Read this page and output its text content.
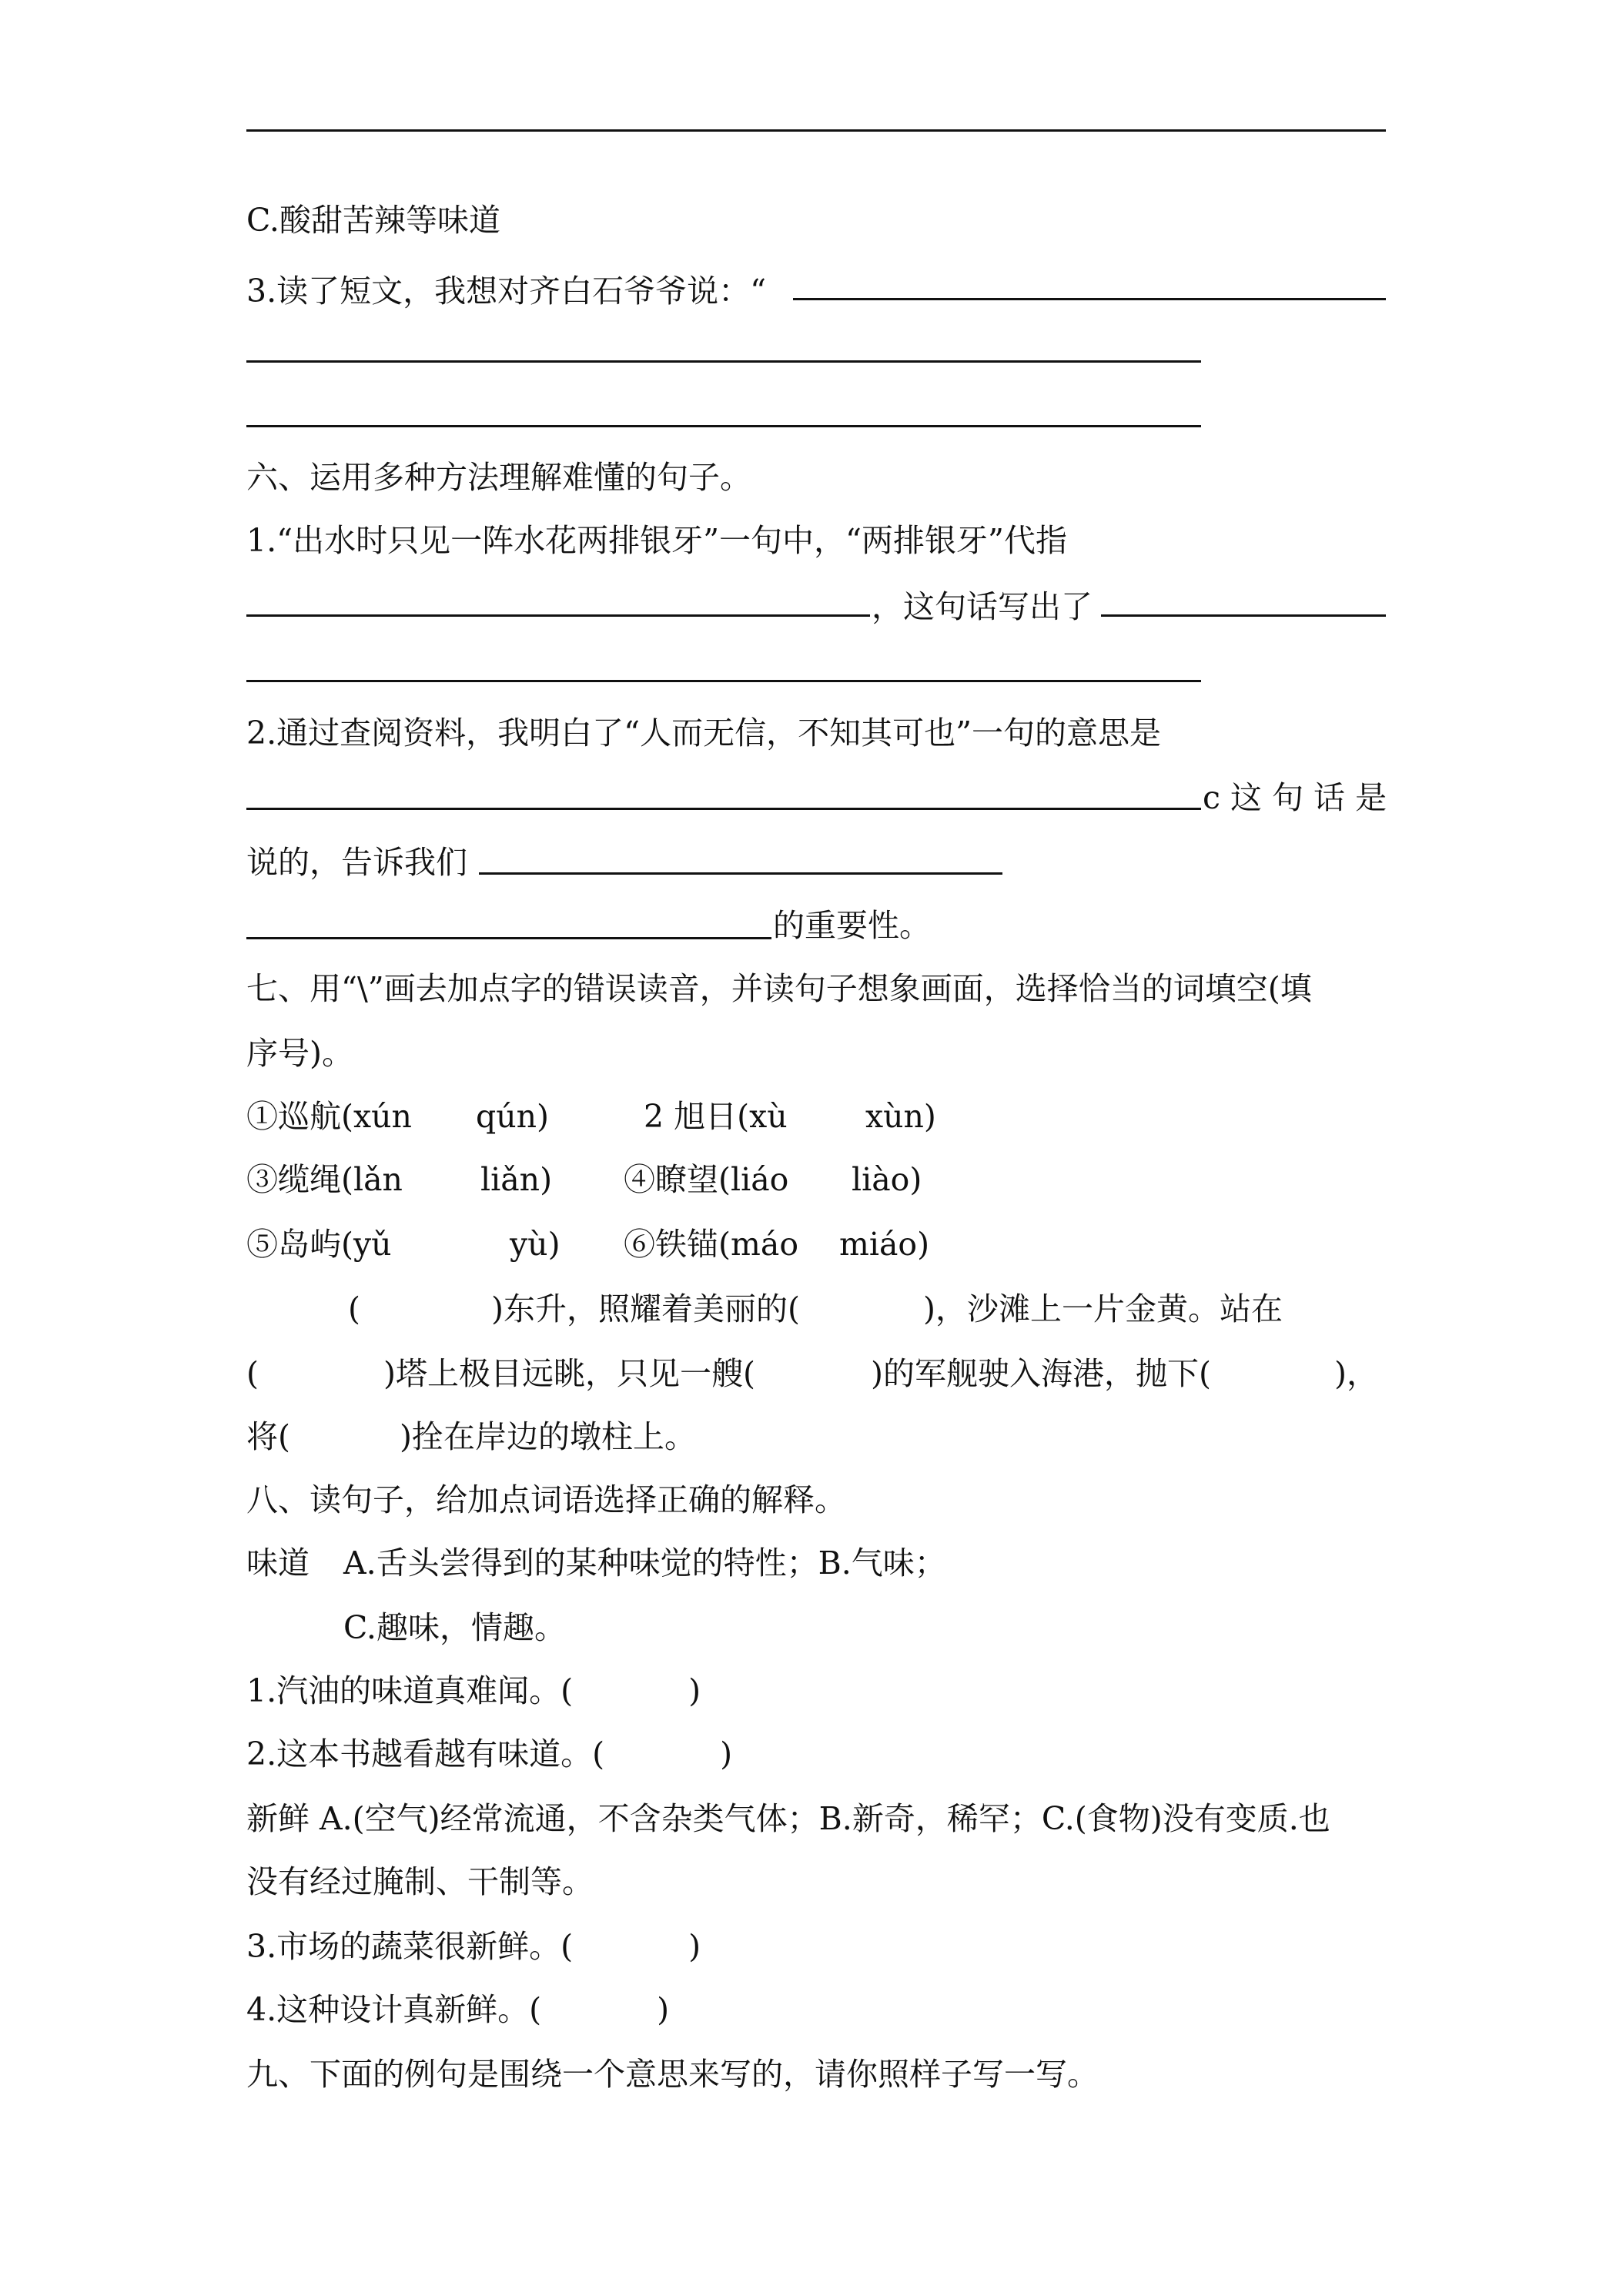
C.酸甜苦辣等味道
3.读了短文，我想对齐白石爷爷说：“
六、运用多种方法理解难懂的句子。
1.“出水时只见一阵水花两排银牙”一句中，“两排银牙”代指
，这句话写出了
2.通过查阅资料，我明白了“人而无信，不知其可也”一句的意思是
c 这 句 话 是
说的，告诉我们
的重要性。
七、用“\”画去加点字的错误读音，并读句子想象画面，选择恰当的词填空(填
序号)。
①巡航(xún qún)	2 旭日(xù xùn)
③缆绳(lǎn liǎn) ④瞭望(liáo liào)
⑤岛屿(yǔ	yù) ⑥铁锚(máo miáo)
(	)东升，照耀着美丽的(	)，沙滩上一片金黄。站在
(	)塔上极目远眺，只见一艘(	)的军舰驶入海港，抛下(	)，
将(	)拴在岸边的墩柱上。
八、读句子，给加点词语选择正确的解释。
味道 A.舌头尝得到的某种味觉的特性；B.气味；
C.趣味，情趣。
1.汽油的味道真难闻。(	)
2.这本书越看越有味道。(	)
新鲜 A.(空气)经常流通，不含杂类气体；B.新奇，稀罕；C.(食物)没有变质.也
没有经过腌制、干制等。
3.市场的蔬菜很新鲜。(	)
4.这种设计真新鲜。(	)
九、下面的例句是围绕一个意思来写的，请你照样子写一写。
